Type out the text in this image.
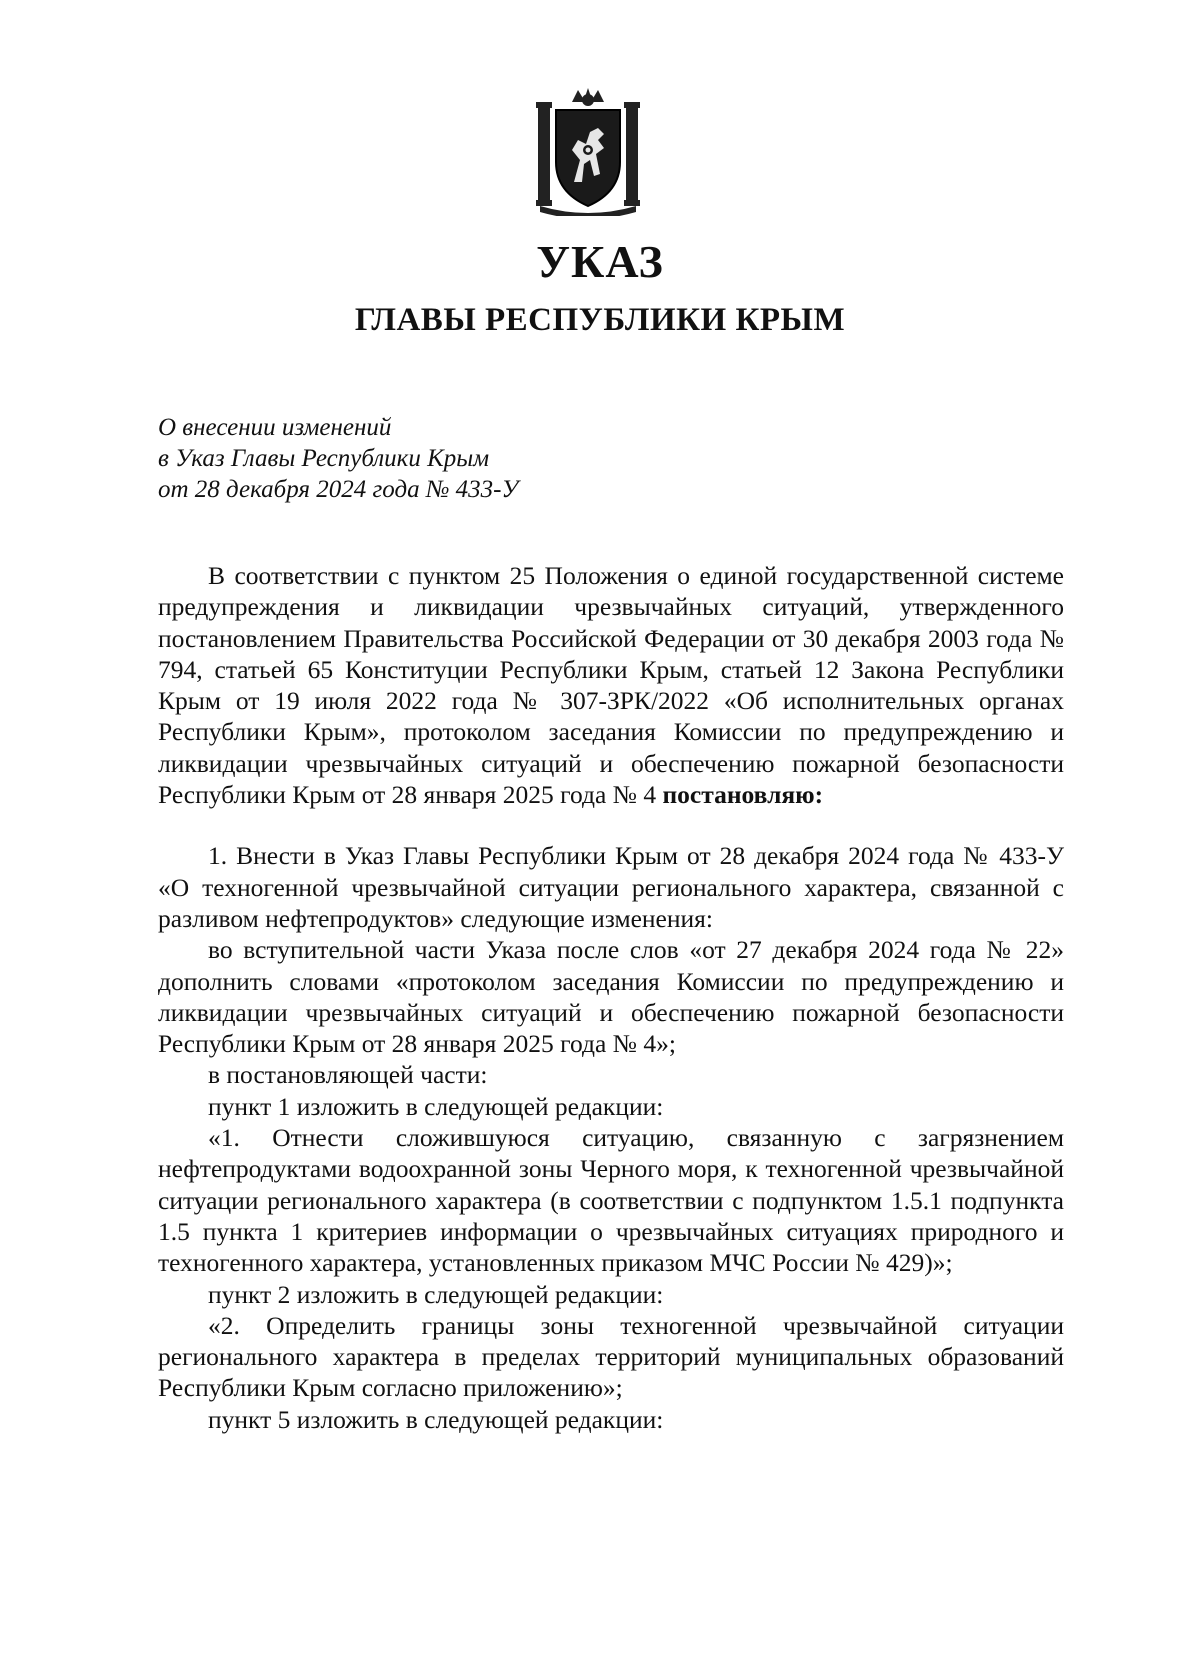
УКАЗ
ГЛАВЫ РЕСПУБЛИКИ КРЫМ
О внесении изменений
в Указ Главы Республики Крым
от 28 декабря 2024 года № 433-У

В соответствии с пунктом 25 Положения о единой государственной системе предупреждения и ликвидации чрезвычайных ситуаций, утвержденного постановлением Правительства Российской Федерации от 30 декабря 2003 года № 794, статьей 65 Конституции Республики Крым, статьей 12 Закона Республики Крым от 19 июля 2022 года № 307-ЗРК/2022 «Об исполнительных органах Республики Крым», протоколом заседания Комиссии по предупреждению и ликвидации чрезвычайных ситуаций и обеспечению пожарной безопасности Республики Крым от 28 января 2025 года № 4 постановляю:

1. Внести в Указ Главы Республики Крым от 28 декабря 2024 года № 433-У «О техногенной чрезвычайной ситуации регионального характера, связанной с разливом нефтепродуктов» следующие изменения:

во вступительной части Указа после слов «от 27 декабря 2024 года № 22» дополнить словами «протоколом заседания Комиссии по предупреждению и ликвидации чрезвычайных ситуаций и обеспечению пожарной безопасности Республики Крым от 28 января 2025 года № 4»;

в постановляющей части:

пункт 1 изложить в следующей редакции:

«1. Отнести сложившуюся ситуацию, связанную с загрязнением нефтепродуктами водоохранной зоны Черного моря, к техногенной чрезвычайной ситуации регионального характера (в соответствии с подпунктом 1.5.1 подпункта 1.5 пункта 1 критериев информации о чрезвычайных ситуациях природного и техногенного характера, установленных приказом МЧС России № 429)»;

пункт 2 изложить в следующей редакции:

«2. Определить границы зоны техногенной чрезвычайной ситуации регионального характера в пределах территорий муниципальных образований Республики Крым согласно приложению»;

пункт 5 изложить в следующей редакции:
